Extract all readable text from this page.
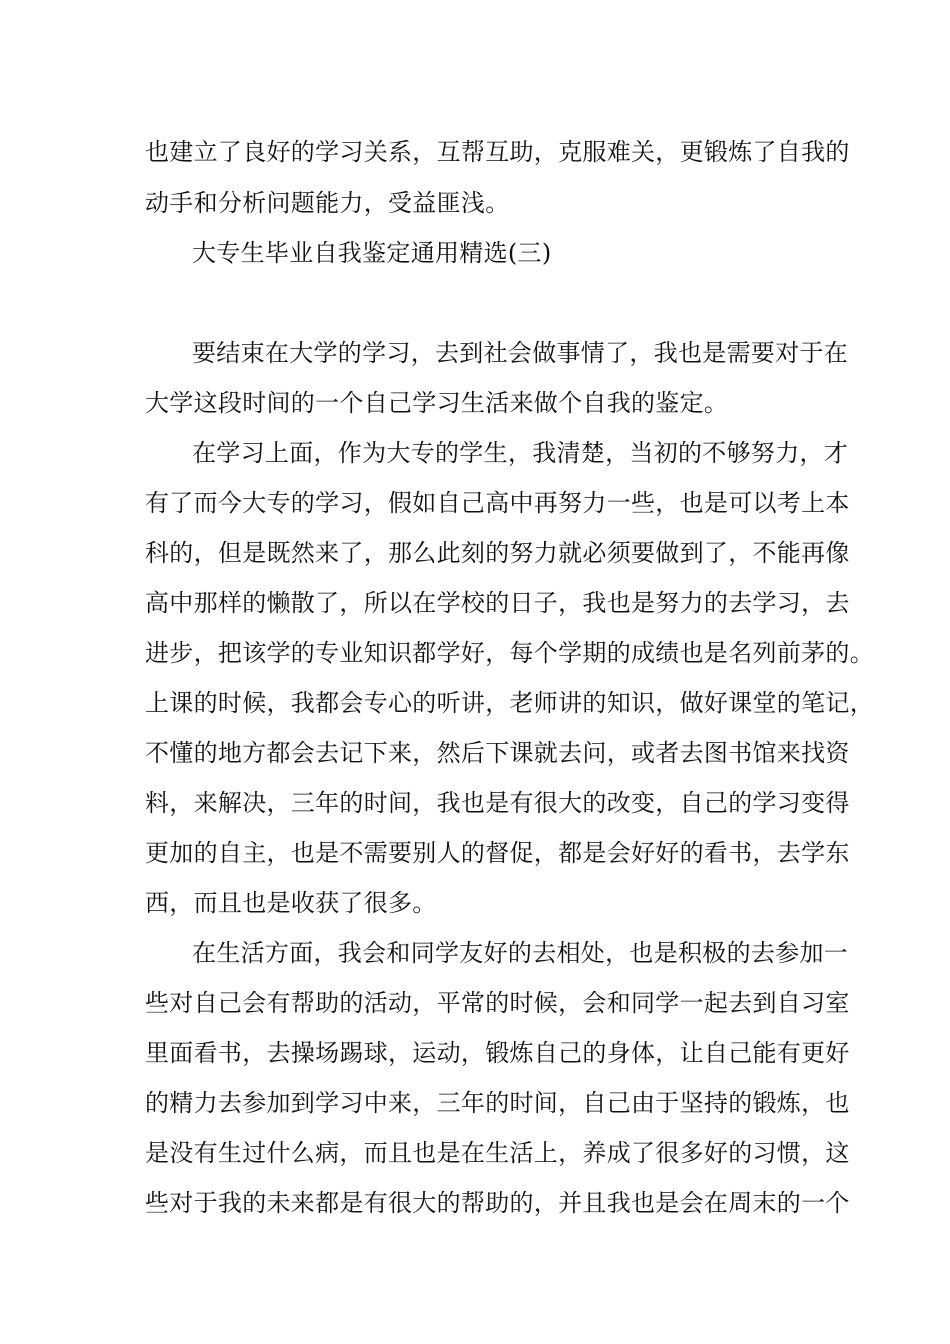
也建立了良好的学习关系，互帮互助，克服难关，更锻炼了自我的
动手和分析问题能力，受益匪浅。
大专生毕业自我鉴定通用精选(三)
要结束在大学的学习，去到社会做事情了，我也是需要对于在
大学这段时间的一个自己学习生活来做个自我的鉴定。
在学习上面，作为大专的学生，我清楚，当初的不够努力，才
有了而今大专的学习，假如自己高中再努力一些，也是可以考上本
科的，但是既然来了，那么此刻的努力就必须要做到了，不能再像
高中那样的懒散了，所以在学校的日子，我也是努力的去学习，去
进步，把该学的专业知识都学好，每个学期的成绩也是名列前茅的。
上课的时候，我都会专心的听讲，老师讲的知识，做好课堂的笔记，
不懂的地方都会去记下来，然后下课就去问，或者去图书馆来找资
料，来解决，三年的时间，我也是有很大的改变，自己的学习变得
更加的自主，也是不需要别人的督促，都是会好好的看书，去学东
西，而且也是收获了很多。
在生活方面，我会和同学友好的去相处，也是积极的去参加一
些对自己会有帮助的活动，平常的时候，会和同学一起去到自习室
里面看书，去操场踢球，运动，锻炼自己的身体，让自己能有更好
的精力去参加到学习中来，三年的时间，自己由于坚持的锻炼，也
是没有生过什么病，而且也是在生活上，养成了很多好的习惯，这
些对于我的未来都是有很大的帮助的，并且我也是会在周末的一个
